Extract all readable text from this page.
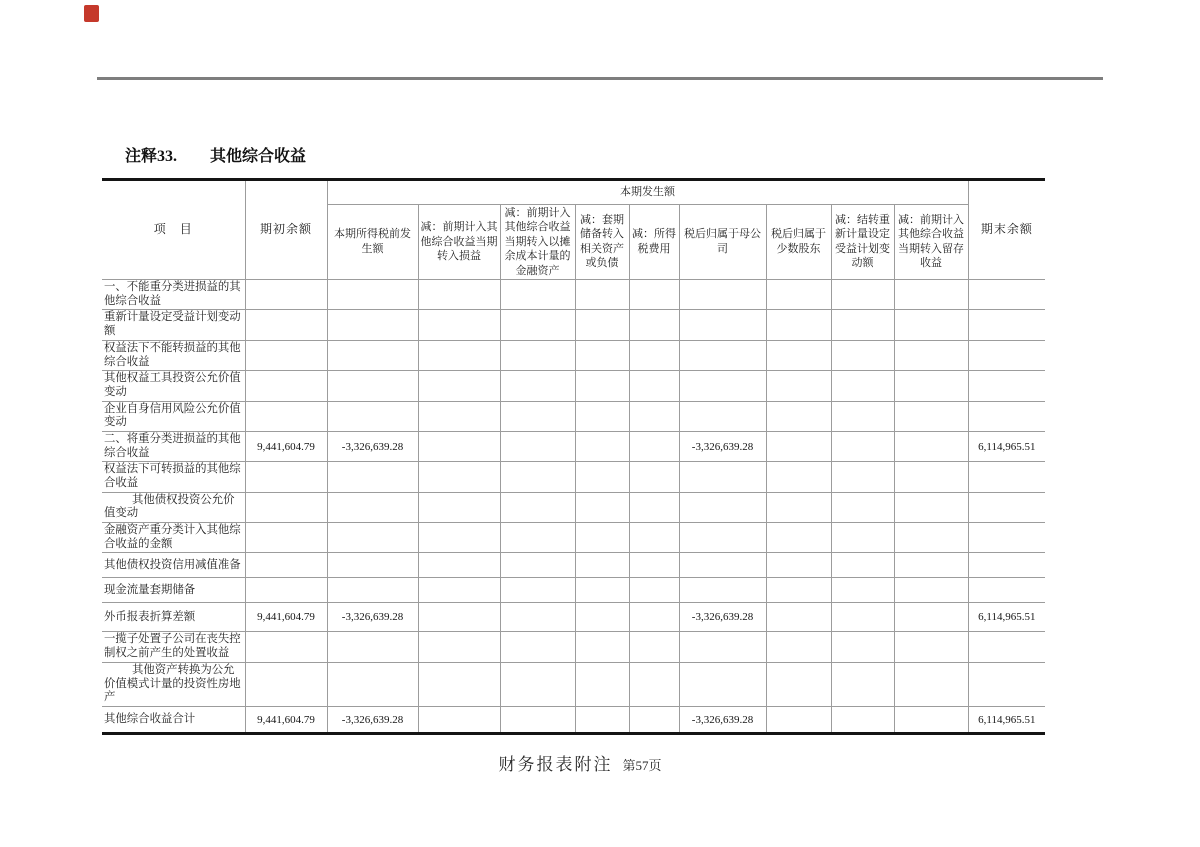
注释33. 其他综合收益
项　目	期初余额	本期发生额									期末余额
		本期所得税前发生额	减：前期计入其他综合收益当期转入损益	减：前期计入其他综合收益当期转入以摊余成本计量的金融资产	减：套期储备转入相关资产或负债	减：所得税费用	税后归属于母公司	税后归属于少数股东	减：结转重新计量设定受益计划变动额	减：前期计入其他综合收益当期转入留存收益	
一、不能重分类进损益的其他综合收益											
重新计量设定受益计划变动额											
权益法下不能转损益的其他综合收益											
其他权益工具投资公允价值变动											
企业自身信用风险公允价值变动											
二、将重分类进损益的其他综合收益	9,441,604.79	-3,326,639.28					-3,326,639.28				6,114,965.51
权益法下可转损益的其他综合收益											
其他债权投资公允价值变动											
金融资产重分类计入其他综合收益的金额											
其他债权投资信用减值准备											
现金流量套期储备											
外币报表折算差额	9,441,604.79	-3,326,639.28					-3,326,639.28				6,114,965.51
一揽子处置子公司在丧失控制权之前产生的处置收益											
其他资产转换为公允价值模式计量的投资性房地产											
其他综合收益合计	9,441,604.79	-3,326,639.28					-3,326,639.28				6,114,965.51
财务报表附注 第57页
